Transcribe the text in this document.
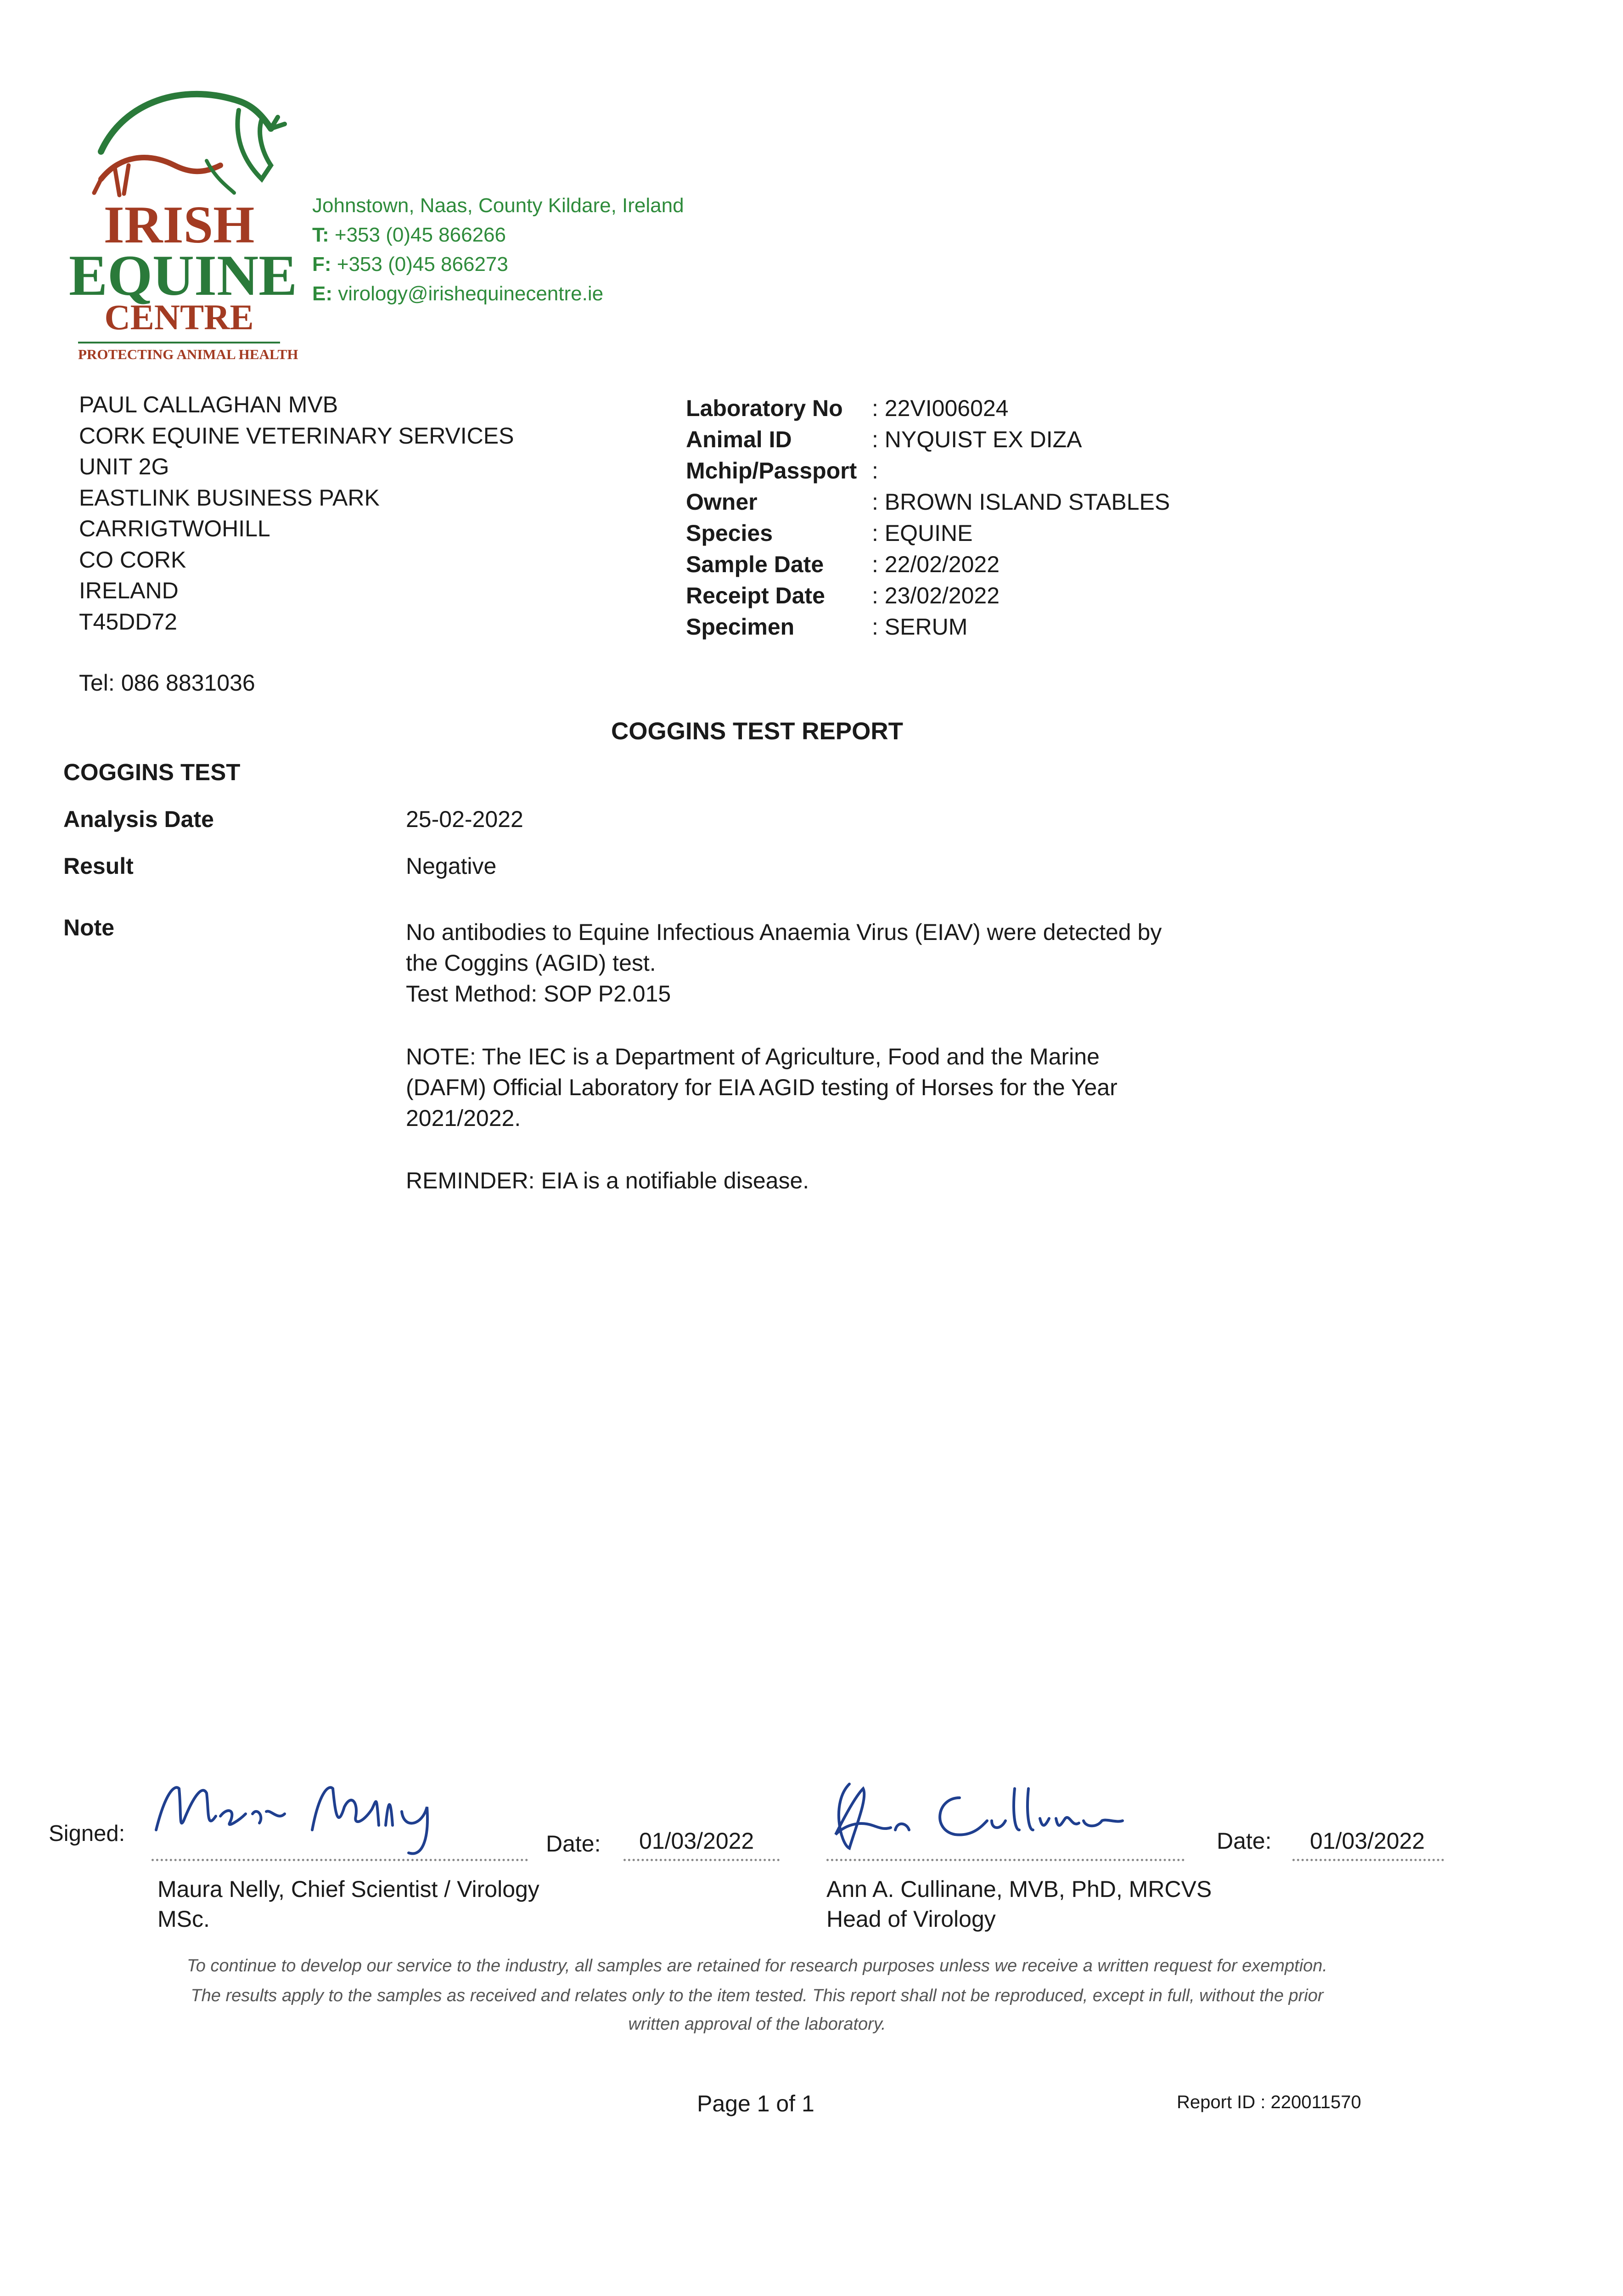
IRISH
EQUINE
CENTRE
PROTECTING ANIMAL HEALTH
Johnstown, Naas, County Kildare, Ireland
T: +353 (0)45 866266
F: +353 (0)45 866273
E: virology@irishequinecentre.ie
PAUL CALLAGHAN MVB
CORK EQUINE VETERINARY SERVICES
UNIT 2G
EASTLINK BUSINESS PARK
CARRIGTWOHILL
CO CORK
IRELAND
T45DD72
Tel: 086 8831036
Laboratory No	: 22VI006024
Animal ID	: NYQUIST EX DIZA
Mchip/Passport :
Owner	: BROWN ISLAND STABLES
Species	: EQUINE
Sample Date	: 22/02/2022
Receipt Date	: 23/02/2022
Specimen	: SERUM
COGGINS TEST REPORT
COGGINS TEST
Analysis Date	25-02-2022
Result	Negative
Note	No antibodies to Equine Infectious Anaemia Virus (EIAV) were detected by
the Coggins (AGID) test.
Test Method: SOP P2.015
NOTE: The IEC is a Department of Agriculture, Food and the Marine
(DAFM) Official Laboratory for EIA AGID testing of Horses for the Year
2021/2022.
REMINDER: EIA is a notifiable disease.
Signed:	Date: 01/03/2022	Date: 01/03/2022
Maura Nelly, Chief Scientist / Virology
MSc.
Ann A. Cullinane, MVB, PhD, MRCVS
Head of Virology
To continue to develop our service to the industry, all samples are retained for research purposes unless we receive a written request for exemption.
The results apply to the samples as received and relates only to the item tested. This report shall not be reproduced, except in full, without the prior
written approval of the laboratory.
Page 1 of 1	Report ID : 220011570
